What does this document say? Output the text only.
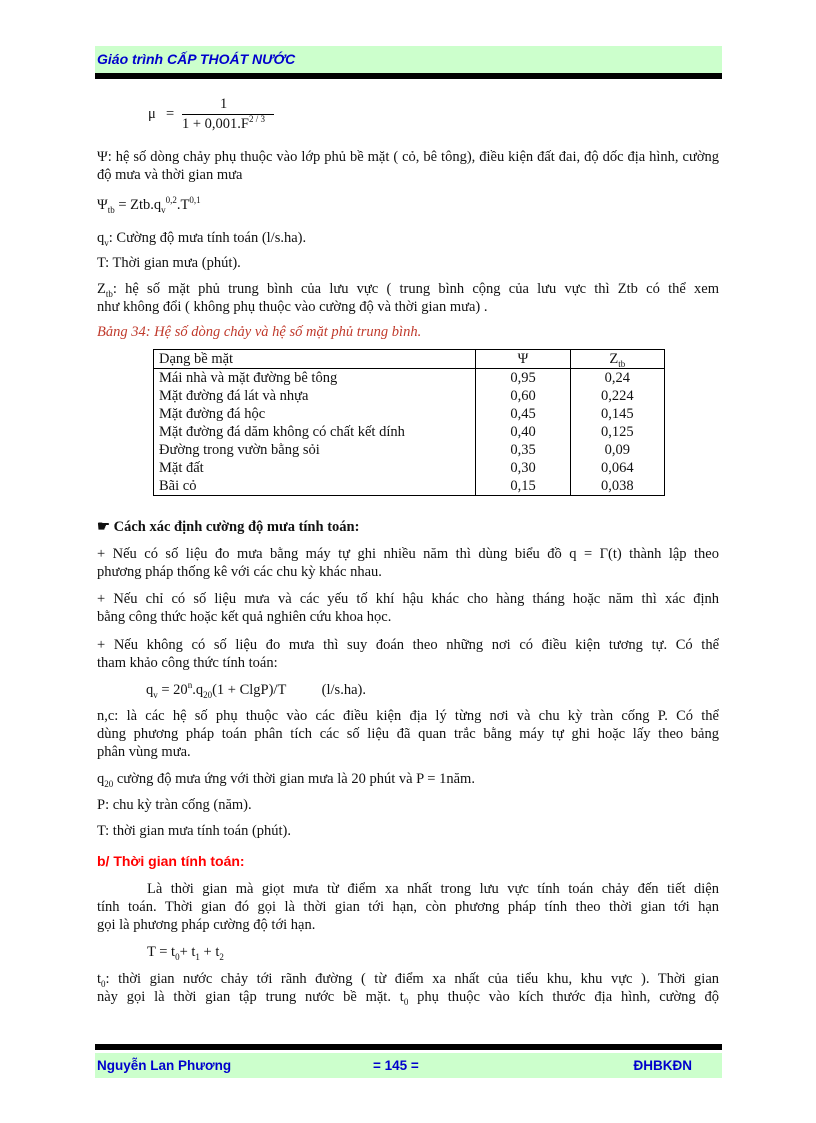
Giáo trình CẤP THOÁT NƯỚC
μ =
1
$1 + 0,001.F^{2 / 3}$
Ψ: hệ số dòng chảy phụ thuộc vào lớp phủ bề mặt ( cỏ, bê tông), điều kiện đất đai, độ dốc địa hình, cường độ mưa và thời gian mưa
$\Psi_{tb} = Ztb.q_v^{0,2}.T^{0,1}$
$q_v$: Cường độ mưa tính toán (l/s.ha).
T: Thời gian mưa (phút).
$Z_{tb}$: hệ số mặt phủ trung bình của lưu vực ( trung bình cộng của lưu vực thì Ztb có thể xem
như không đổi ( không phụ thuộc vào cường độ và thời gian mưa) .
Bảng 34: Hệ số dòng chảy và hệ số mặt phủ trung bình.
Dạng bề mặt	Ψ	$Z_{tb}$
Mái nhà và mặt đường bê tông	0,95	0,24
Mặt đường đá lát và nhựa	0,60	0,224
Mặt đường đá hộc	0,45	0,145
Mặt đường đá dăm không có chất kết dính	0,40	0,125
Đường trong vườn bằng sỏi	0,35	0,09
Mặt đất	0,30	0,064
Bãi cỏ	0,15	0,038
☛ Cách xác định cường độ mưa tính toán:
+ Nếu có số liệu đo mưa bằng máy tự ghi nhiều năm thì dùng biểu đồ q = Γ(t) thành lập theo
phương pháp thống kê với các chu kỳ khác nhau.
+ Nếu chỉ có số liệu mưa và các yếu tố khí hậu khác cho hàng tháng hoặc năm thì xác định
bằng công thức hoặc kết quả nghiên cứu khoa học.
+ Nếu không có số liệu đo mưa thì suy đoán theo những nơi có điều kiện tương tự. Có thể
tham khảo công thức tính toán:
$q_v = 20^n.q_{20}(1 + ClgP)/T$ (l/s.ha).
n,c: là các hệ số phụ thuộc vào các điều kiện địa lý từng nơi và chu kỳ tràn cống P. Có thể
dùng phương pháp toán phân tích các số liệu đã quan trắc bằng máy tự ghi hoặc lấy theo bảng
phân vùng mưa.
$q_{20}$ cường độ mưa ứng với thời gian mưa là 20 phút và P = 1năm.
P: chu kỳ tràn cống (năm).
T: thời gian mưa tính toán (phút).
b/ Thời gian tính toán:
Là thời gian mà giọt mưa từ điểm xa nhất trong lưu vực tính toán chảy đến tiết diện
tính toán. Thời gian đó gọi là thời gian tới hạn, còn phương pháp tính theo thời gian tới hạn
gọi là phương pháp cường độ tới hạn.
$T = t_0+ t_1 + t_2$
$t_0$: thời gian nước chảy tới rãnh đường ( từ điểm xa nhất của tiểu khu, khu vực ). Thời gian
này gọi là thời gian tập trung nước bề mặt. $t_0$ phụ thuộc vào kích thước địa hình, cường độ
Nguyễn Lan Phương	= 145 =	ĐHBKĐN
